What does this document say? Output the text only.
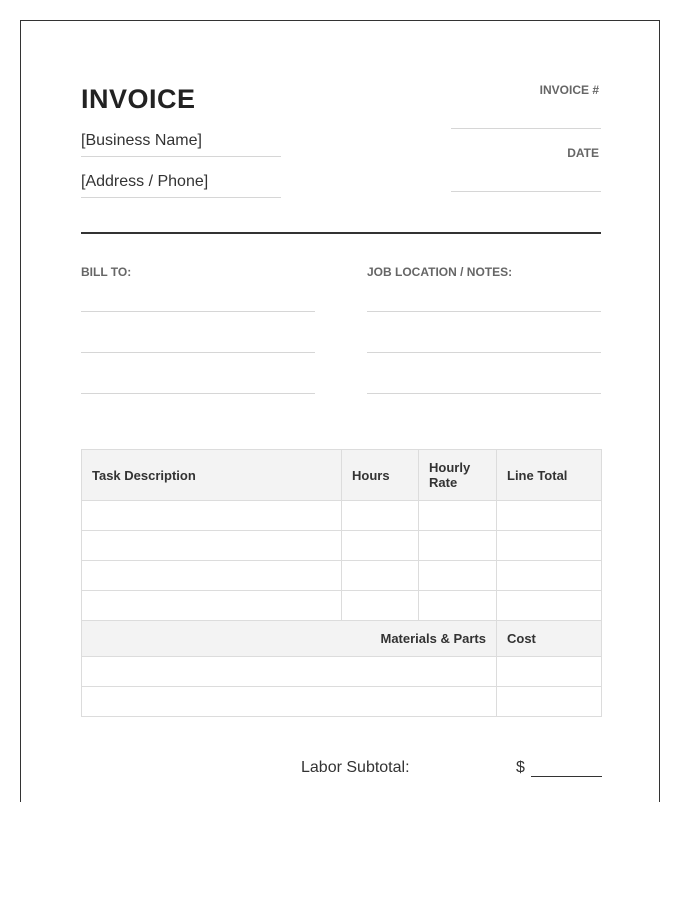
INVOICE
[Business Name]
[Address / Phone]
INVOICE #
DATE
BILL TO:	JOB LOCATION / NOTES:
Task Description	Hours	Hourly Rate	Line Total

Materials & Parts			Cost

Labor Subtotal:	$
